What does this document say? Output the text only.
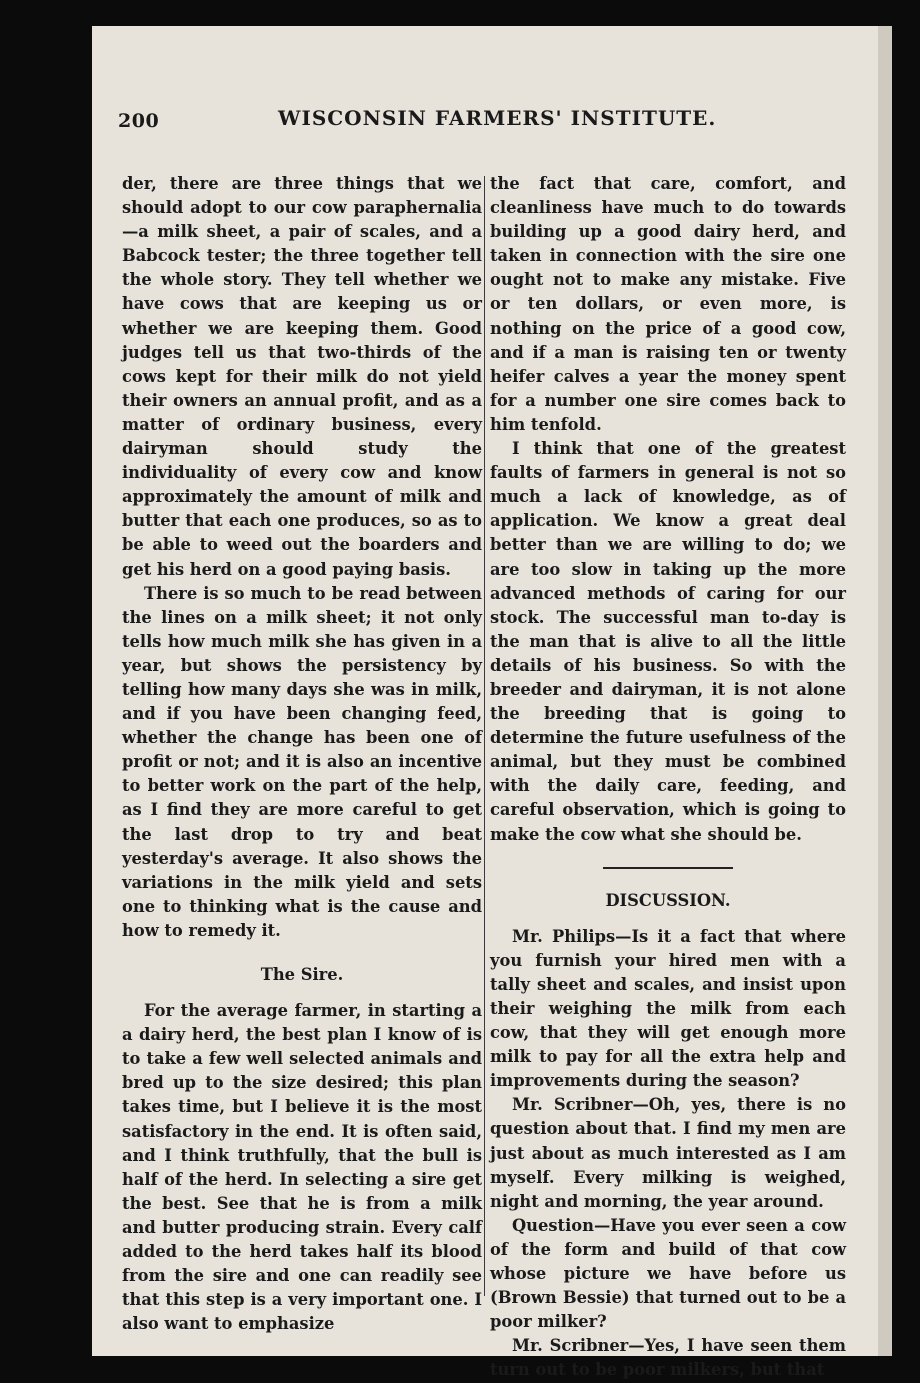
200	WISCONSIN FARMERS' INSTITUTE.

der, there are three things that we should adopt to our cow paraphernalia—a milk sheet, a pair of scales, and a Babcock tester; the three together tell the whole story. They tell whether we have cows that are keeping us or whether we are keeping them. Good judges tell us that two-thirds of the cows kept for their milk do not yield their owners an annual profit, and as a matter of ordinary business, every dairyman should study the individuality of every cow and know approximately the amount of milk and butter that each one produces, so as to be able to weed out the boarders and get his herd on a good paying basis.

There is so much to be read between the lines on a milk sheet; it not only tells how much milk she has given in a year, but shows the persistency by telling how many days she was in milk, and if you have been changing feed, whether the change has been one of profit or not; and it is also an incentive to better work on the part of the help, as I find they are more careful to get the last drop to try and beat yesterday's average. It also shows the variations in the milk yield and sets one to thinking what is the cause and how to remedy it.

The Sire.

For the average farmer, in starting a a dairy herd, the best plan I know of is to take a few well selected animals and bred up to the size desired; this plan takes time, but I believe it is the most satisfactory in the end. It is often said, and I think truthfully, that the bull is half of the herd. In selecting a sire get the best. See that he is from a milk and butter producing strain. Every calf added to the herd takes half its blood from the sire and one can readily see that this step is a very important one. I also want to emphasize

the fact that care, comfort, and cleanliness have much to do towards building up a good dairy herd, and taken in connection with the sire one ought not to make any mistake. Five or ten dollars, or even more, is nothing on the price of a good cow, and if a man is raising ten or twenty heifer calves a year the money spent for a number one sire comes back to him tenfold.

I think that one of the greatest faults of farmers in general is not so much a lack of knowledge, as of application. We know a great deal better than we are willing to do; we are too slow in taking up the more advanced methods of caring for our stock. The successful man to-day is the man that is alive to all the little details of his business. So with the breeder and dairyman, it is not alone the breeding that is going to determine the future usefulness of the animal, but they must be combined with the daily care, feeding, and careful observation, which is going to make the cow what she should be.

DISCUSSION.

Mr. Philips—Is it a fact that where you furnish your hired men with a tally sheet and scales, and insist upon their weighing the milk from each cow, that they will get enough more milk to pay for all the extra help and improvements during the season?

Mr. Scribner—Oh, yes, there is no question about that. I find my men are just about as much interested as I am myself. Every milking is weighed, night and morning, the year around.

Question—Have you ever seen a cow of the form and build of that cow whose picture we have before us (Brown Bessie) that turned out to be a poor milker?

Mr. Scribner—Yes, I have seen them turn out to be poor milkers, but that
